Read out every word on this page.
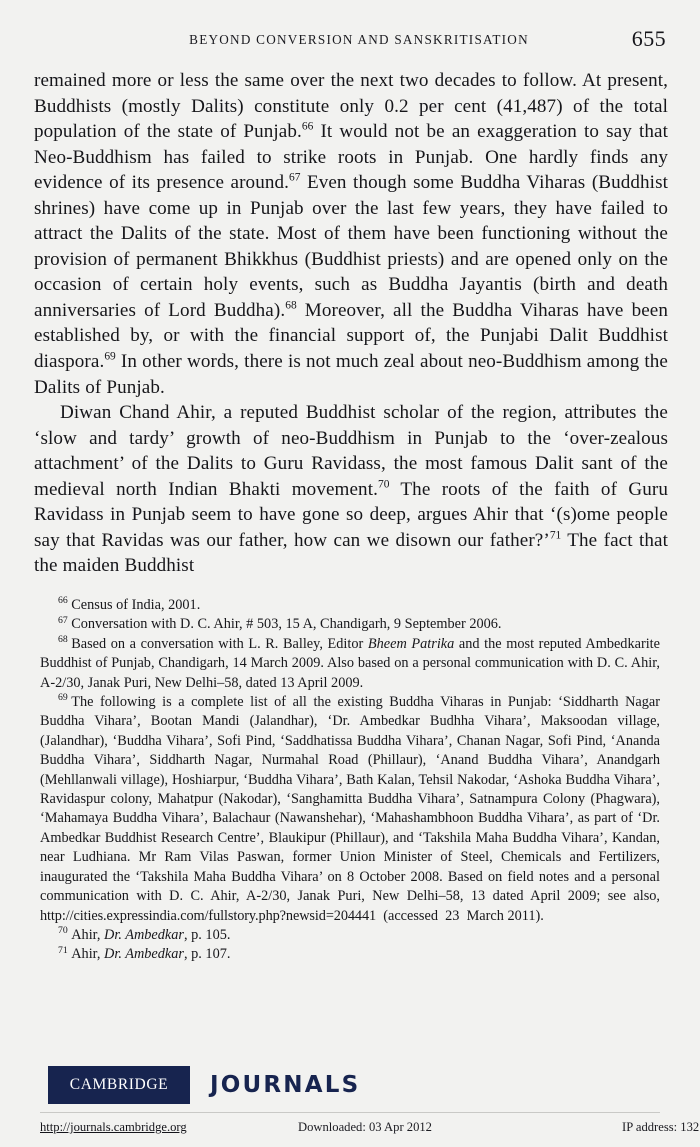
BEYOND CONVERSION AND SANSKRITISATION	655

remained more or less the same over the next two decades to follow. At present, Buddhists (mostly Dalits) constitute only 0.2 per cent (41,487) of the total population of the state of Punjab.$^{66}$ It would not be an exaggeration to say that Neo-Buddhism has failed to strike roots in Punjab. One hardly finds any evidence of its presence around.$^{67}$ Even though some Buddha Viharas (Buddhist shrines) have come up in Punjab over the last few years, they have failed to attract the Dalits of the state. Most of them have been functioning without the provision of permanent Bhikkhus (Buddhist priests) and are opened only on the occasion of certain holy events, such as Buddha Jayantis (birth and death anniversaries of Lord Buddha).$^{68}$ Moreover, all the Buddha Viharas have been established by, or with the financial support of, the Punjabi Dalit Buddhist diaspora.$^{69}$ In other words, there is not much zeal about neo-Buddhism among the Dalits of Punjab.

Diwan Chand Ahir, a reputed Buddhist scholar of the region, attributes the ‘slow and tardy’ growth of neo-Buddhism in Punjab to the ‘over-zealous attachment’ of the Dalits to Guru Ravidass, the most famous Dalit sant of the medieval north Indian Bhakti movement.$^{70}$ The roots of the faith of Guru Ravidass in Punjab seem to have gone so deep, argues Ahir that ‘(s)ome people say that Ravidas was our father, how can we disown our father?’$^{71}$ The fact that the maiden Buddhist

$^{66}$ Census of India, 2001.

$^{67}$ Conversation with D. C. Ahir, # 503, 15 A, Chandigarh, 9 September 2006.

$^{68}$ Based on a conversation with L. R. Balley, Editor Bheem Patrika and the most reputed Ambedkarite Buddhist of Punjab, Chandigarh, 14 March 2009. Also based on a personal communication with D. C. Ahir, A-2/30, Janak Puri, New Delhi–58, dated 13 April 2009.

$^{69}$ The following is a complete list of all the existing Buddha Viharas in Punjab: ‘Siddharth Nagar Buddha Vihara’, Bootan Mandi (Jalandhar), ‘Dr. Ambedkar Budhha Vihara’, Maksoodan village, (Jalandhar), ‘Buddha Vihara’, Sofi Pind, ‘Saddhatissa Buddha Vihara’, Chanan Nagar, Sofi Pind, ‘Ananda Buddha Vihara’, Siddharth Nagar, Nurmahal Road (Phillaur), ‘Anand Buddha Vihara’, Anandgarh (Mehllanwali village), Hoshiarpur, ‘Buddha Vihara’, Bath Kalan, Tehsil Nakodar, ‘Ashoka Buddha Vihara’, Ravidaspur colony, Mahatpur (Nakodar), ‘Sanghamitta Buddha Vihara’, Satnampura Colony (Phagwara), ‘Mahamaya Buddha Vihara’, Balachaur (Nawanshehar), ‘Mahashambhoon Buddha Vihara’, as part of ‘Dr. Ambedkar Buddhist Research Centre’, Blaukipur (Phillaur), and ‘Takshila Maha Buddha Vihara’, Kandan, near Ludhiana. Mr Ram Vilas Paswan, former Union Minister of Steel, Chemicals and Fertilizers, inaugurated the ‘Takshila Maha Buddha Vihara’ on 8 October 2008. Based on field notes and a personal communication with D. C. Ahir, A-2/30, Janak Puri, New Delhi–58, 13 dated April 2009; see also, http://cities.expressindia.com/fullstory.php?newsid=204441  (accessed  23  March 2011).

$^{70}$ Ahir, Dr. Ambedkar, p. 105.

$^{71}$ Ahir, Dr. Ambedkar, p. 107.

CAMBRIDGE JOURNALS
http://journals.cambridge.org	Downloaded: 03 Apr 2012	IP address: 132
